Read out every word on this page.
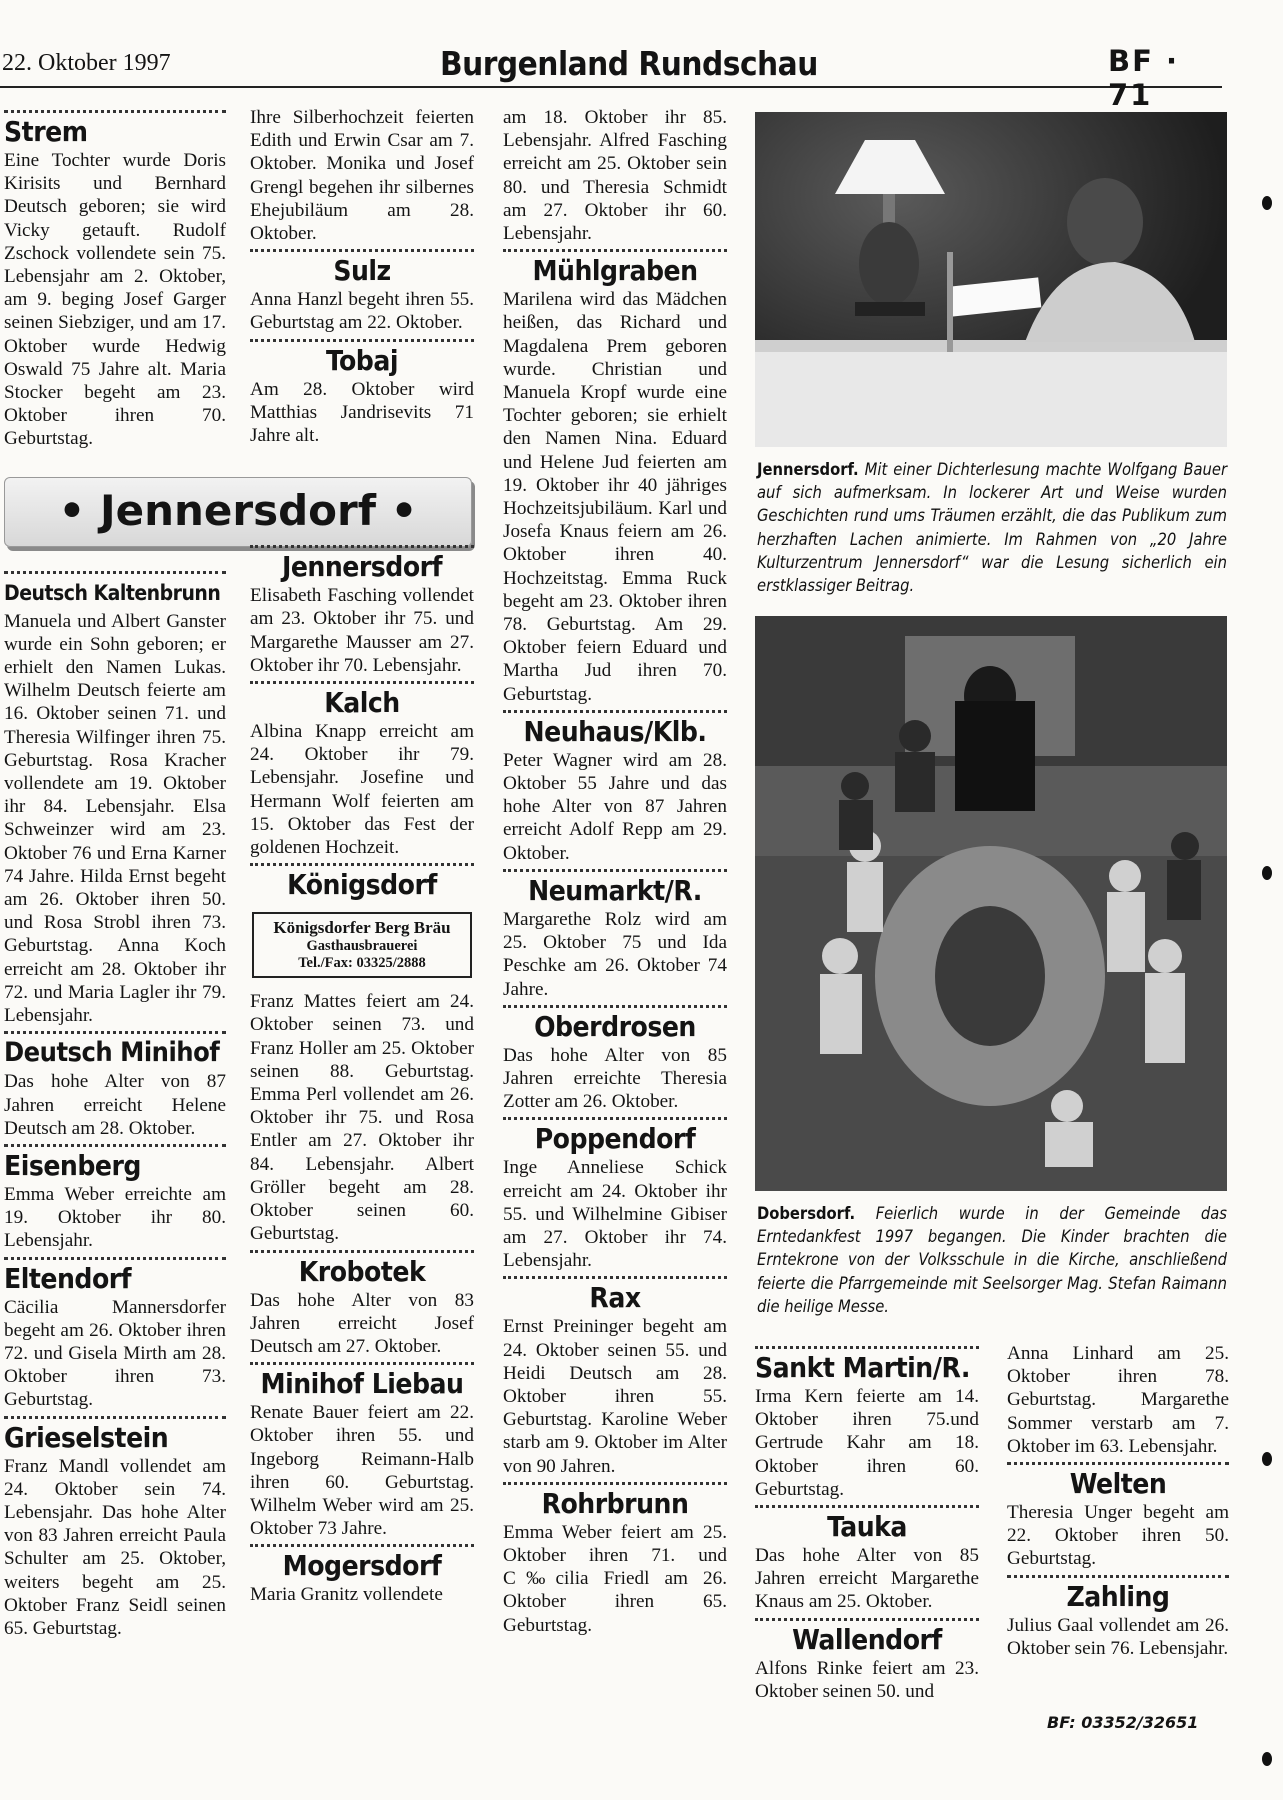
22. Oktober 1997	Burgenland Rundschau	BF · 71
Strem

Eine Tochter wurde Doris Kirisits und Bernhard Deutsch geboren; sie wird Vicky getauft. Rudolf Zschock vollendete sein 75. Lebensjahr am 2. Oktober, am 9. beging Josef Garger seinen Siebziger, und am 17. Oktober wurde Hedwig Oswald 75 Jahre alt. Maria Stocker begeht am 23. Oktober ihren 70. Geburtstag.

• Jennersdorf •
Deutsch Kaltenbrunn

Manuela und Albert Ganster wurde ein Sohn geboren; er erhielt den Namen Lukas. Wilhelm Deutsch feierte am 16. Oktober seinen 71. und Theresia Wilfinger ihren 75. Geburtstag. Rosa Kracher vollendete am 19. Oktober ihr 84. Lebensjahr. Elsa Schweinzer wird am 23. Oktober 76 und Erna Karner 74 Jahre. Hilda Ernst begeht am 26. Oktober ihren 50. und Rosa Strobl ihren 73. Geburtstag. Anna Koch erreicht am 28. Oktober ihr 72. und Maria Lagler ihr 79. Lebensjahr.

Deutsch Minihof

Das hohe Alter von 87 Jahren erreicht Helene Deutsch am 28. Oktober.

Eisenberg

Emma Weber erreichte am 19. Oktober ihr 80. Lebensjahr.

Eltendorf

Cäcilia Mannersdorfer begeht am 26. Oktober ihren 72. und Gisela Mirth am 28. Oktober ihren 73. Geburtstag.

Grieselstein

Franz Mandl vollendet am 24. Oktober sein 74. Lebensjahr. Das hohe Alter von 83 Jahren erreicht Paula Schulter am 25. Oktober, weiters begeht am 25. Oktober Franz Seidl seinen 65. Geburtstag.

Ihre Silberhochzeit feierten Edith und Erwin Csar am 7. Oktober. Monika und Josef Grengl begehen ihr silbernes Ehejubiläum am 28. Oktober.

Sulz

Anna Hanzl begeht ihren 55. Geburtstag am 22. Oktober.

Tobaj

Am 28. Oktober wird Matthias Jandrisevits 71 Jahre alt.

Jennersdorf

Elisabeth Fasching vollendet am 23. Oktober ihr 75. und Margarethe Mausser am 27. Oktober ihr 70. Lebensjahr.

Kalch

Albina Knapp erreicht am 24. Oktober ihr 79. Lebensjahr. Josefine und Hermann Wolf feierten am 15. Oktober das Fest der goldenen Hochzeit.

Königsdorf
Königsdorfer Berg Bräu
Gasthausbrauerei
Tel./Fax: 03325/2888

Franz Mattes feiert am 24. Oktober seinen 73. und Franz Holler am 25. Oktober seinen 88. Geburtstag. Emma Perl vollendet am 26. Oktober ihr 75. und Rosa Entler am 27. Oktober ihr 84. Lebensjahr. Albert Gröller begeht am 28. Oktober seinen 60. Geburtstag.

Krobotek

Das hohe Alter von 83 Jahren erreicht Josef Deutsch am 27. Oktober.

Minihof Liebau

Renate Bauer feiert am 22. Oktober ihren 55. und Ingeborg Reimann-Halb ihren 60. Geburtstag. Wilhelm Weber wird am 25. Oktober 73 Jahre.

Mogersdorf

Maria Granitz vollendete

am 18. Oktober ihr 85. Lebensjahr. Alfred Fasching erreicht am 25. Oktober sein 80. und Theresia Schmidt am 27. Oktober ihr 60. Lebensjahr.

Mühlgraben

Marilena wird das Mädchen heißen, das Richard und Magdalena Prem geboren wurde. Christian und Manuela Kropf wurde eine Tochter geboren; sie erhielt den Namen Nina. Eduard und Helene Jud feierten am 19. Oktober ihr 40 jähriges Hochzeitsjubiläum. Karl und Josefa Knaus feiern am 26. Oktober ihren 40. Hochzeitstag. Emma Ruck begeht am 23. Oktober ihren 78. Geburtstag. Am 29. Oktober feiern Eduard und Martha Jud ihren 70. Geburtstag.

Neuhaus/Klb.

Peter Wagner wird am 28. Oktober 55 Jahre und das hohe Alter von 87 Jahren erreicht Adolf Repp am 29. Oktober.

Neumarkt/R.

Margarethe Rolz wird am 25. Oktober 75 und Ida Peschke am 26. Oktober 74 Jahre.

Oberdrosen

Das hohe Alter von 85 Jahren erreichte Theresia Zotter am 26. Oktober.

Poppendorf

Inge Anneliese Schick erreicht am 24. Oktober ihr 55. und Wilhelmine Gibiser am 27. Oktober ihr 74. Lebensjahr.

Rax

Ernst Preininger begeht am 24. Oktober seinen 55. und Heidi Deutsch am 28. Oktober ihren 55. Geburtstag. Karoline Weber starb am 9. Oktober im Alter von 90 Jahren.

Rohrbrunn

Emma Weber feiert am 25. Oktober ihren 71. und C‰cilia Friedl am 26. Oktober ihren 65. Geburtstag.

Sankt Martin/R.

Irma Kern feierte am 14. Oktober ihren 75.und Gertrude Kahr am 18. Oktober ihren 60. Geburtstag.

Tauka

Das hohe Alter von 85 Jahren erreicht Margarethe Knaus am 25. Oktober.

Wallendorf

Alfons Rinke feiert am 23. Oktober seinen 50. und

Anna Linhard am 25. Oktober ihren 78. Geburtstag. Margarethe Sommer verstarb am 7. Oktober im 63. Lebensjahr.

Welten

Theresia Unger begeht am 22. Oktober ihren 50. Geburtstag.

Zahling

Julius Gaal vollendet am 26. Oktober sein 76. Lebensjahr.

Jennersdorf. Mit einer Dichterlesung machte Wolfgang Bauer auf sich aufmerksam. In lockerer Art und Weise wurden Geschichten rund ums Träumen erzählt, die das Publikum zum herzhaften Lachen animierte. Im Rahmen von „20 Jahre Kulturzentrum Jennersdorf“ war die Lesung sicherlich ein erstklassiger Beitrag.
Dobersdorf. Feierlich wurde in der Gemeinde das Erntedankfest 1997 begangen. Die Kinder brachten die Erntekrone von der Volksschule in die Kirche, anschließend feierte die Pfarrgemeinde mit Seelsorger Mag. Stefan Raimann die heilige Messe.
BF: 03352/32651
